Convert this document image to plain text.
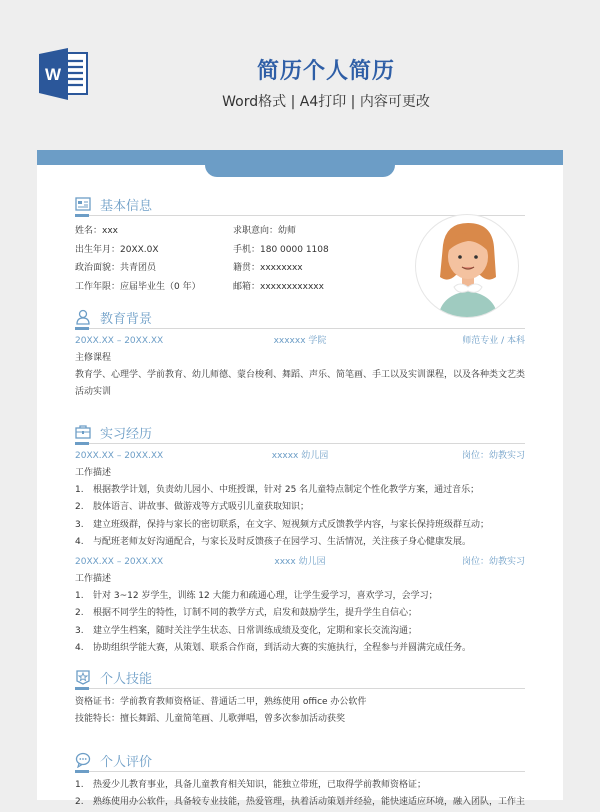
W	简历个人简历
Word格式 | A4打印 | 内容可更改
基本信息
姓名：xxx	求职意向：幼师
出生年月：20XX.0X	手机：180 0000 1108
政治面貌：共青团员	籍贯：xxxxxxxx
工作年限：应届毕业生（0 年）	邮箱：xxxxxxxxxxxx
教育背景
20XX.XX – 20XX.XX	xxxxxx 学院	师范专业 / 本科
主修课程
教育学、心理学、学前教育、幼儿师德、蒙台梭利、舞蹈、声乐、简笔画、手工以及实训课程，以及各种类文艺类活动实训
实习经历
20XX.XX – 20XX.XX	xxxxx 幼儿园	岗位：幼教实习
工作描述
1.	根据教学计划，负责幼儿园小、中班授课，针对 25 名儿童特点制定个性化教学方案，通过音乐；
2.	肢体语言、讲故事、做游戏等方式吸引儿童获取知识；
3.	建立班级群，保持与家长的密切联系，在文字、短视频方式反馈教学内容，与家长保持班级群互动；
4.	与配班老师友好沟通配合，与家长及时反馈孩子在园学习、生活情况，关注孩子身心健康发展。
20XX.XX – 20XX.XX	xxxx 幼儿园	岗位：幼教实习
工作描述
1.	针对 3~12 岁学生，训练 12 大能力和疏通心理，让学生爱学习，喜欢学习，会学习；
2.	根据不同学生的特性，订制不同的教学方式，启发和鼓励学生，提升学生自信心；
3.	建立学生档案，随时关注学生状态、日常训练成绩及变化，定期和家长交流沟通；
4.	协助组织学能大赛，从策划、联系合作商，到活动大赛的实施执行，全程参与并圆满完成任务。
个人技能
资格证书：学前教育教师资格证、普通话二甲，熟练使用 office 办公软件
技能特长：擅长舞蹈、儿童简笔画、儿歌弹唱，曾多次参加活动获奖
个人评价
1.	热爱少儿教育事业，具备儿童教育相关知识，能独立带班，已取得学前教师资格证；
2.	熟练使用办公软件，具备较专业技能，热爱管理，执着活动策划并经验，能快速适应环境，融入团队，工作主
